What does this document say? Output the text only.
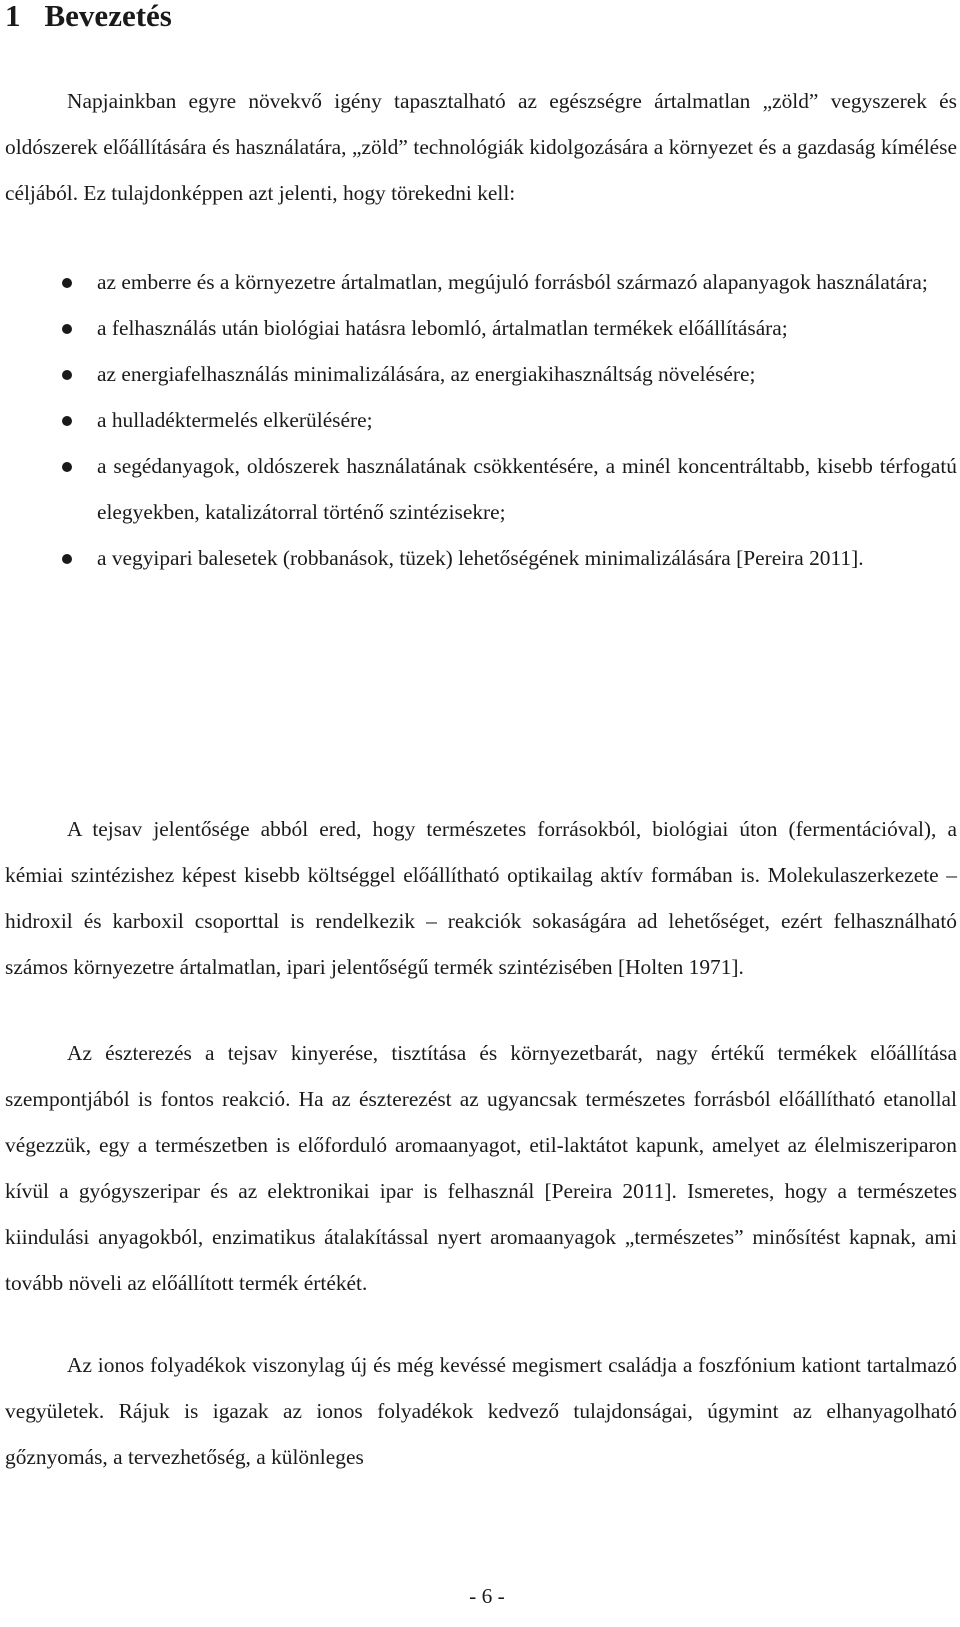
1 Bevezetés

Napjainkban egyre növekvő igény tapasztalható az egészségre ártalmatlan „zöld” vegyszerek és oldószerek előállítására és használatára, „zöld” technológiák kidolgozására a környezet és a gazdaság kímélése céljából. Ez tulajdonképpen azt jelenti, hogy törekedni kell:

az emberre és a környezetre ártalmatlan, megújuló forrásból származó alapanyagok használatára;
a felhasználás után biológiai hatásra lebomló, ártalmatlan termékek előállítására;
az energiafelhasználás minimalizálására, az energiakihasználtság növelésére;
a hulladéktermelés elkerülésére;
a segédanyagok, oldószerek használatának csökkentésére, a minél koncentráltabb, kisebb térfogatú elegyekben, katalizátorral történő szintézisekre;
a vegyipari balesetek (robbanások, tüzek) lehetőségének minimalizálására [Pereira 2011].

A tejsav jelentősége abból ered, hogy természetes forrásokból, biológiai úton (fermentációval), a kémiai szintézishez képest kisebb költséggel előállítható optikailag aktív formában is. Molekulaszerkezete – hidroxil és karboxil csoporttal is rendelkezik – reakciók sokaságára ad lehetőséget, ezért felhasználható számos környezetre ártalmatlan, ipari jelentőségű termék szintézisében [Holten 1971].

Az észterezés a tejsav kinyerése, tisztítása és környezetbarát, nagy értékű termékek előállítása szempontjából is fontos reakció. Ha az észterezést az ugyancsak természetes forrásból előállítható etanollal végezzük, egy a természetben is előforduló aromaanyagot, etil-laktátot kapunk, amelyet az élelmiszeriparon kívül a gyógyszeripar és az elektronikai ipar is felhasznál [Pereira 2011]. Ismeretes, hogy a természetes kiindulási anyagokból, enzimatikus átalakítással nyert aromaanyagok „természetes” minősítést kapnak, ami tovább növeli az előállított termék értékét.

Az ionos folyadékok viszonylag új és még kevéssé megismert családja a foszfónium kationt tartalmazó vegyületek. Rájuk is igazak az ionos folyadékok kedvező tulajdonságai, úgymint az elhanyagolható gőznyomás, a tervezhetőség, a különleges

- 6 -
